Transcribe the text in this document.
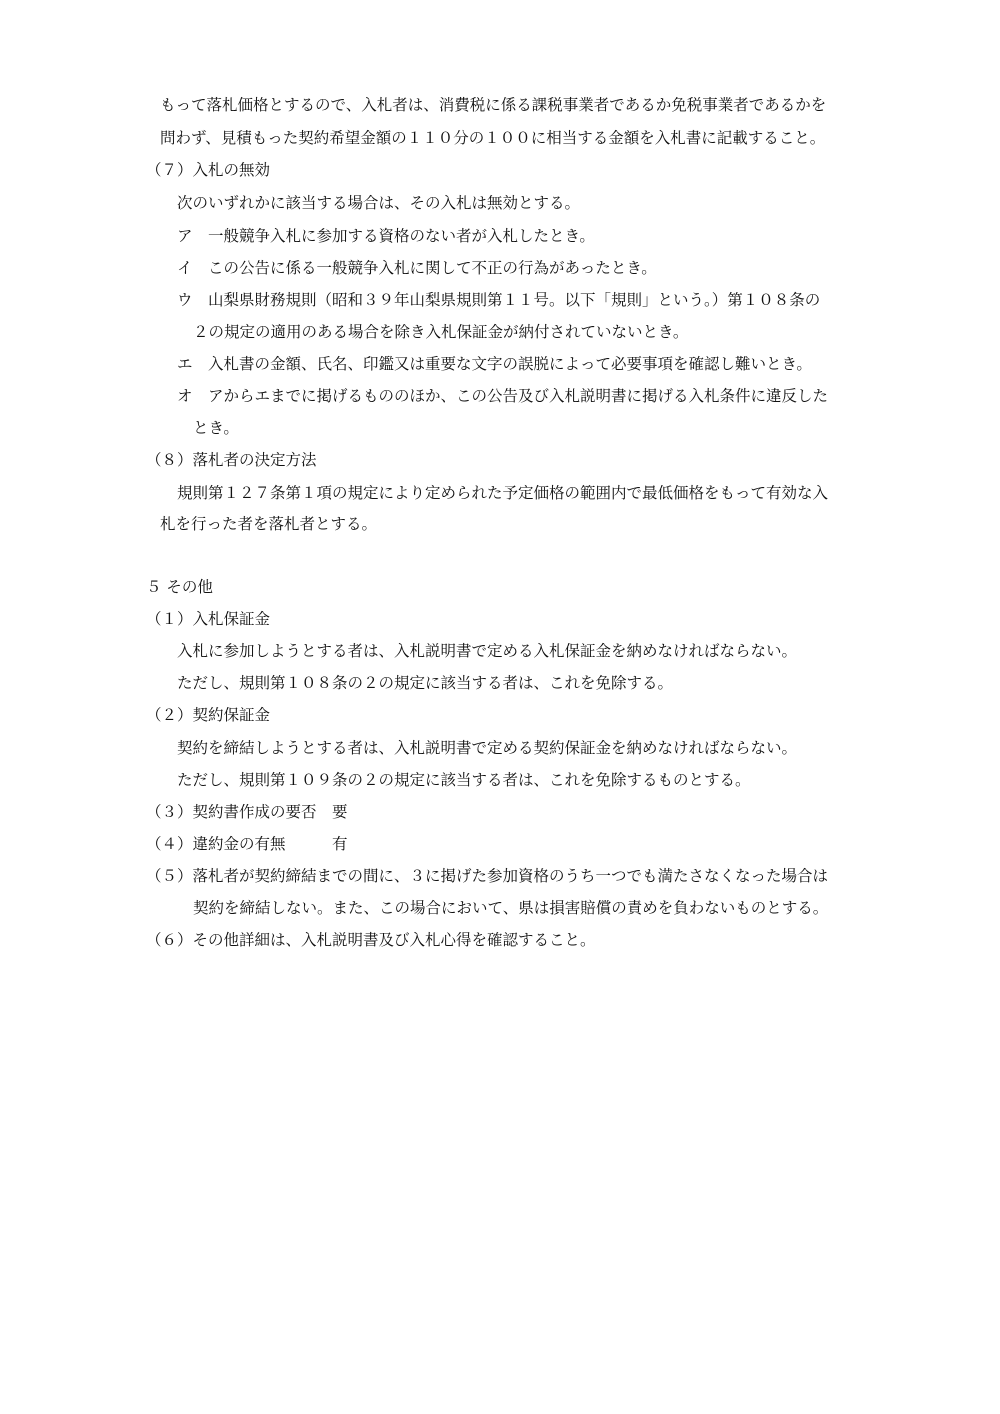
もって落札価格とするので、入札者は、消費税に係る課税事業者であるか免税事業者であるかを
問わず、見積もった契約希望金額の１１０分の１００に相当する金額を入札書に記載すること。
（７）入札の無効
次のいずれかに該当する場合は、その入札は無効とする。
ア　一般競争入札に参加する資格のない者が入札したとき。
イ　この公告に係る一般競争入札に関して不正の行為があったとき。
ウ　山梨県財務規則（昭和３９年山梨県規則第１１号。以下「規則」という。）第１０８条の
２の規定の適用のある場合を除き入札保証金が納付されていないとき。
エ　入札書の金額、氏名、印鑑又は重要な文字の誤脱によって必要事項を確認し難いとき。
オ　アからエまでに掲げるもののほか、この公告及び入札説明書に掲げる入札条件に違反した
とき。
（８）落札者の決定方法
規則第１２７条第１項の規定により定められた予定価格の範囲内で最低価格をもって有効な入
札を行った者を落札者とする。
５ その他
（１）入札保証金
入札に参加しようとする者は、入札説明書で定める入札保証金を納めなければならない。
ただし、規則第１０８条の２の規定に該当する者は、これを免除する。
（２）契約保証金
契約を締結しようとする者は、入札説明書で定める契約保証金を納めなければならない。
ただし、規則第１０９条の２の規定に該当する者は、これを免除するものとする。
（３）契約書作成の要否 要
（４）違約金の有無	有
（５）落札者が契約締結までの間に、３に掲げた参加資格のうち一つでも満たさなくなった場合は
契約を締結しない。また、この場合において、県は損害賠償の責めを負わないものとする。
（６）その他詳細は、入札説明書及び入札心得を確認すること。
